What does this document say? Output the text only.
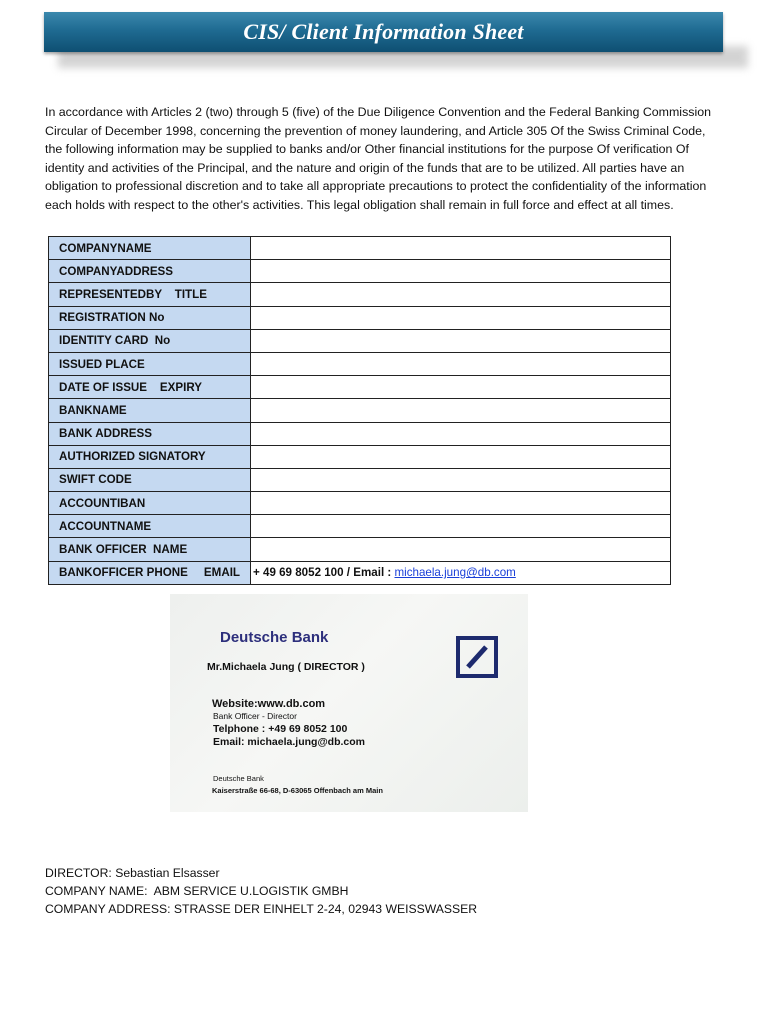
CIS/ Client Information Sheet

In accordance with Articles 2 (two) through 5 (five) of the Due Diligence Convention and the Federal Banking Commission Circular of December 1998, concerning the prevention of money laundering, and Article 305 Of the Swiss Criminal Code, the following information may be supplied to banks and/or Other financial institutions for the purpose Of verification Of identity and activities of the Principal, and the nature and origin of the funds that are to be utilized. All parties have an obligation to professional discretion and to take all appropriate precautions to protect the confidentiality of the information each holds with respect to the other's activities. This legal obligation shall remain in full force and effect at all times.

COMPANYNAME	
COMPANYADDRESS	
REPRESENTEDBY    TITLE	
REGISTRATION No	
IDENTITY CARD  No	
ISSUED PLACE	
DATE OF ISSUE    EXPIRY	
BANKNAME	
BANK ADDRESS	
AUTHORIZED SIGNATORY	
SWIFT CODE	
ACCOUNTIBAN	
ACCOUNTNAME	
BANK OFFICER  NAME	
BANKOFFICER PHONE     EMAIL	+ 49 69 8052 100 / Email : michaela.jung@db.com
Deutsche Bank
Mr.Michaela Jung ( DIRECTOR )
Website:www.db.com
Bank Officer - Director
Telphone : +49 69 8052 100
Email: michaela.jung@db.com
Deutsche Bank
Kaiserstraße 66-68, D-63065 Offenbach am Main
DIRECTOR: Sebastian Elsasser
COMPANY NAME:  ABM SERVICE U.LOGISTIK GMBH
COMPANY ADDRESS: STRASSE DER EINHELT 2-24, 02943 WEISSWASSER
